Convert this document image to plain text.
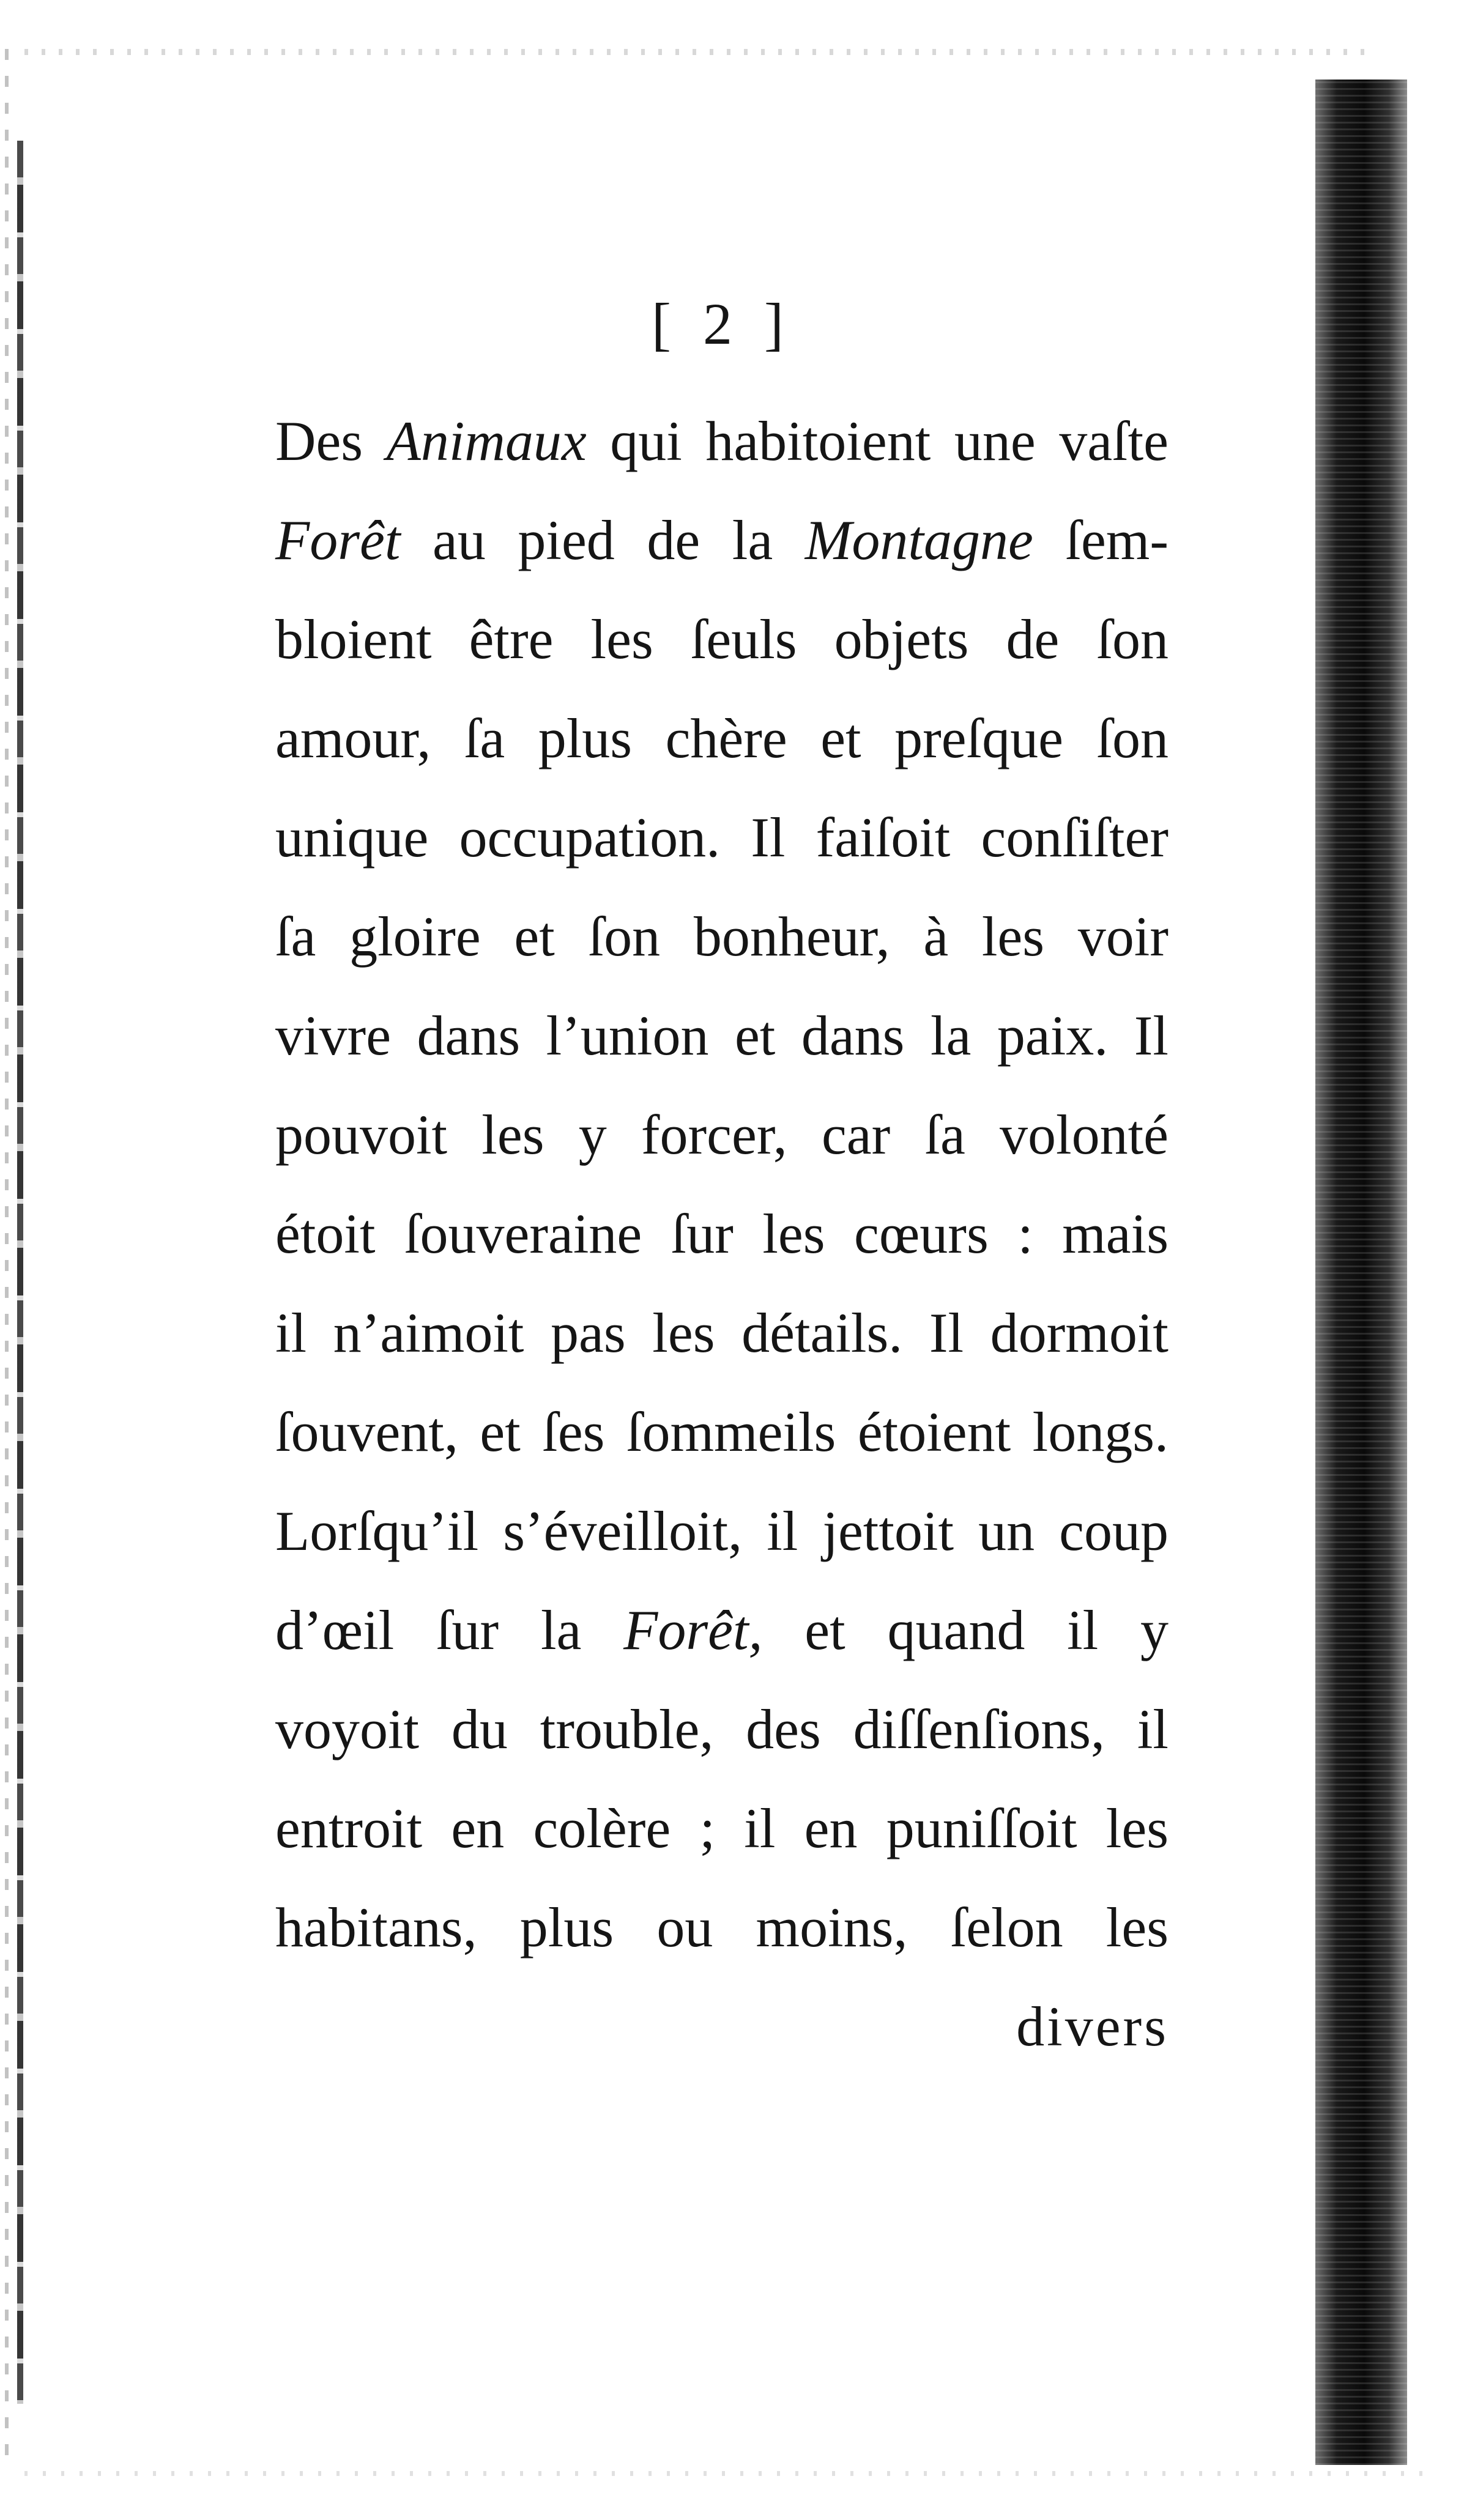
[ 2 ]
Des Animaux qui habitoient une vaſte
Forêt au pied de la Montagne ſem-
bloient être les ſeuls objets de ſon
amour, ſa plus chère et preſque ſon
unique occupation. Il faiſoit conſiſter
ſa gloire et ſon bonheur, à les voir
vivre dans l’union et dans la paix. Il
pouvoit les y forcer, car ſa volonté
étoit ſouveraine ſur les cœurs : mais
il n’aimoit pas les détails. Il dormoit
ſouvent, et ſes ſommeils étoient longs.
Lorſqu’il s’éveilloit, il jettoit un coup
d’œil ſur la Forêt, et quand il y
voyoit du trouble, des diſſenſions, il
entroit en colère ; il en puniſſoit les
habitans, plus ou moins, ſelon les
divers
